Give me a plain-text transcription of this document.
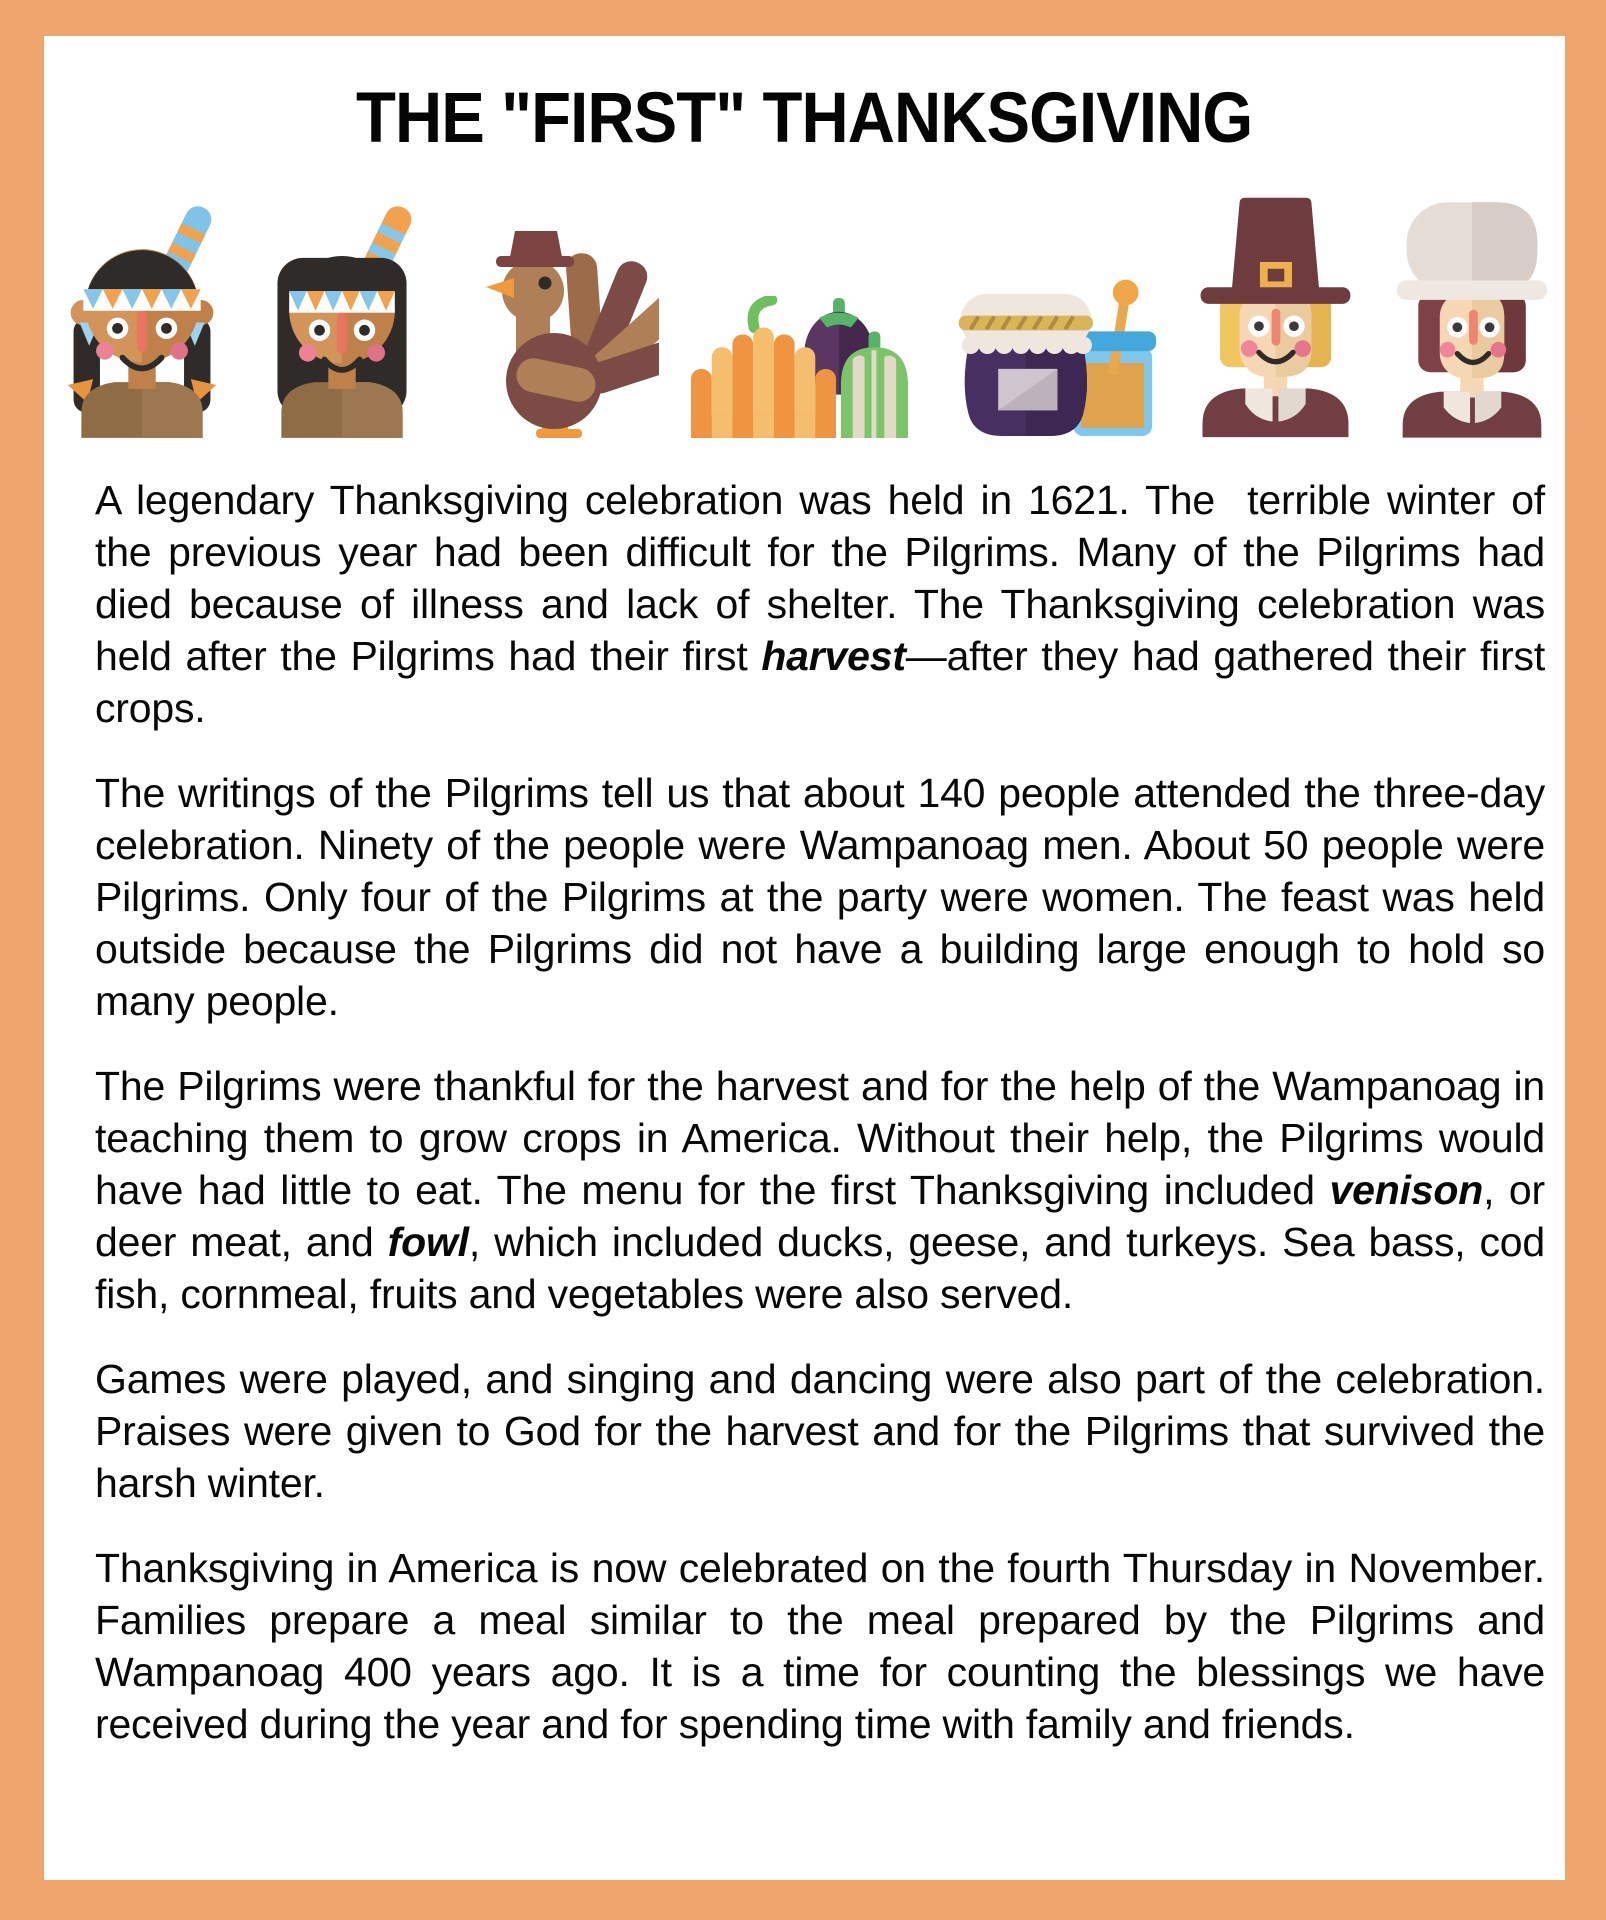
THE "FIRST" THANKSGIVING

A legendary Thanksgiving celebration was held in 1621. The  terrible winter of the previous year had been difficult for the Pilgrims. Many of the Pilgrims had died because of illness and lack of shelter. The Thanksgiving celebration was held after the Pilgrims had their first harvest—after they had gathered their first crops.

The writings of the Pilgrims tell us that about 140 people attended the three-day celebration. Ninety of the people were Wampanoag men. About 50 people were Pilgrims. Only four of the Pilgrims at the party were women. The feast was held outside because the Pilgrims did not have a building large enough to hold so many people.

The Pilgrims were thankful for the harvest and for the help of the Wampanoag in teaching them to grow crops in America. Without their help, the Pilgrims would have had little to eat. The menu for the first Thanksgiving included venison, or deer meat, and fowl, which included ducks, geese, and turkeys. Sea bass, cod fish, cornmeal, fruits and vegetables were also served.

Games were played, and singing and dancing were also part of the celebration. Praises were given to God for the harvest and for the Pilgrims that survived the harsh winter.

Thanksgiving in America is now celebrated on the fourth Thursday in November. Families prepare a meal similar to the meal prepared by the Pilgrims and Wampanoag 400 years ago. It is a time for counting the blessings we have received during the year and for spending time with family and friends.
